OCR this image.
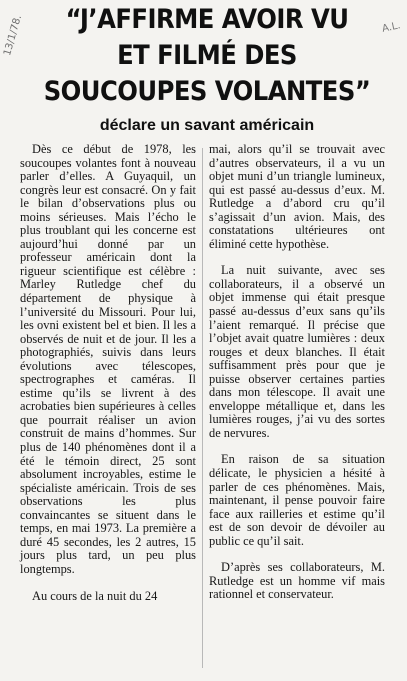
13/1/78.	A.L.
“J’AFFIRME AVOIR VU
ET FILMÉ DES
SOUCOUPES VOLANTES”
déclare un savant américain

Dès ce début de 1978, les soucoupes volantes font à nouveau parler d’elles. A Guyaquil, un congrès leur est consacré. On y fait le bilan d’observations plus ou moins sérieuses. Mais l’écho le plus troublant qui les concerne est aujourd’hui donné par un professeur américain dont la rigueur scientifique est célèbre : Marley Rutledge chef du département de physique à l’université du Missouri. Pour lui, les ovni existent bel et bien. Il les a observés de nuit et de jour. Il les a photographiés, suivis dans leurs évolutions avec télescopes, spectrographes et caméras. Il estime qu’ils se livrent à des acrobaties bien supérieures à celles que pourrait réaliser un avion construit de mains d’hommes. Sur plus de 140 phénomènes dont il a été le témoin direct, 25 sont absolument incroyables, estime le spécialiste américain. Trois de ses observations les plus convaincantes se situent dans le temps, en mai 1973. La première a duré 45 secondes, les 2 autres, 15 jours plus tard, un peu plus longtemps.

Au cours de la nuit du 24

mai, alors qu’il se trouvait avec d’autres observateurs, il a vu un objet muni d’un triangle lumineux, qui est passé au-dessus d’eux. M. Rutledge a d’abord cru qu’il s’agissait d’un avion. Mais, des constatations ultérieures ont éliminé cette hypothèse.

La nuit suivante, avec ses collaborateurs, il a observé un objet immense qui était presque passé au-dessus d’eux sans qu’ils l’aient remarqué. Il précise que l’objet avait quatre lumières : deux rouges et deux blanches. Il était suffisamment près pour que je puisse observer certaines parties dans mon télescope. Il avait une enveloppe métallique et, dans les lumières rouges, j’ai vu des sortes de nervures.

En raison de sa situation délicate, le physicien a hésité à parler de ces phénomènes. Mais, maintenant, il pense pouvoir faire face aux railleries et estime qu’il est de son devoir de dévoiler au public ce qu’il sait.

D’après ses collaborateurs, M. Rutledge est un homme vif mais rationnel et conservateur.
